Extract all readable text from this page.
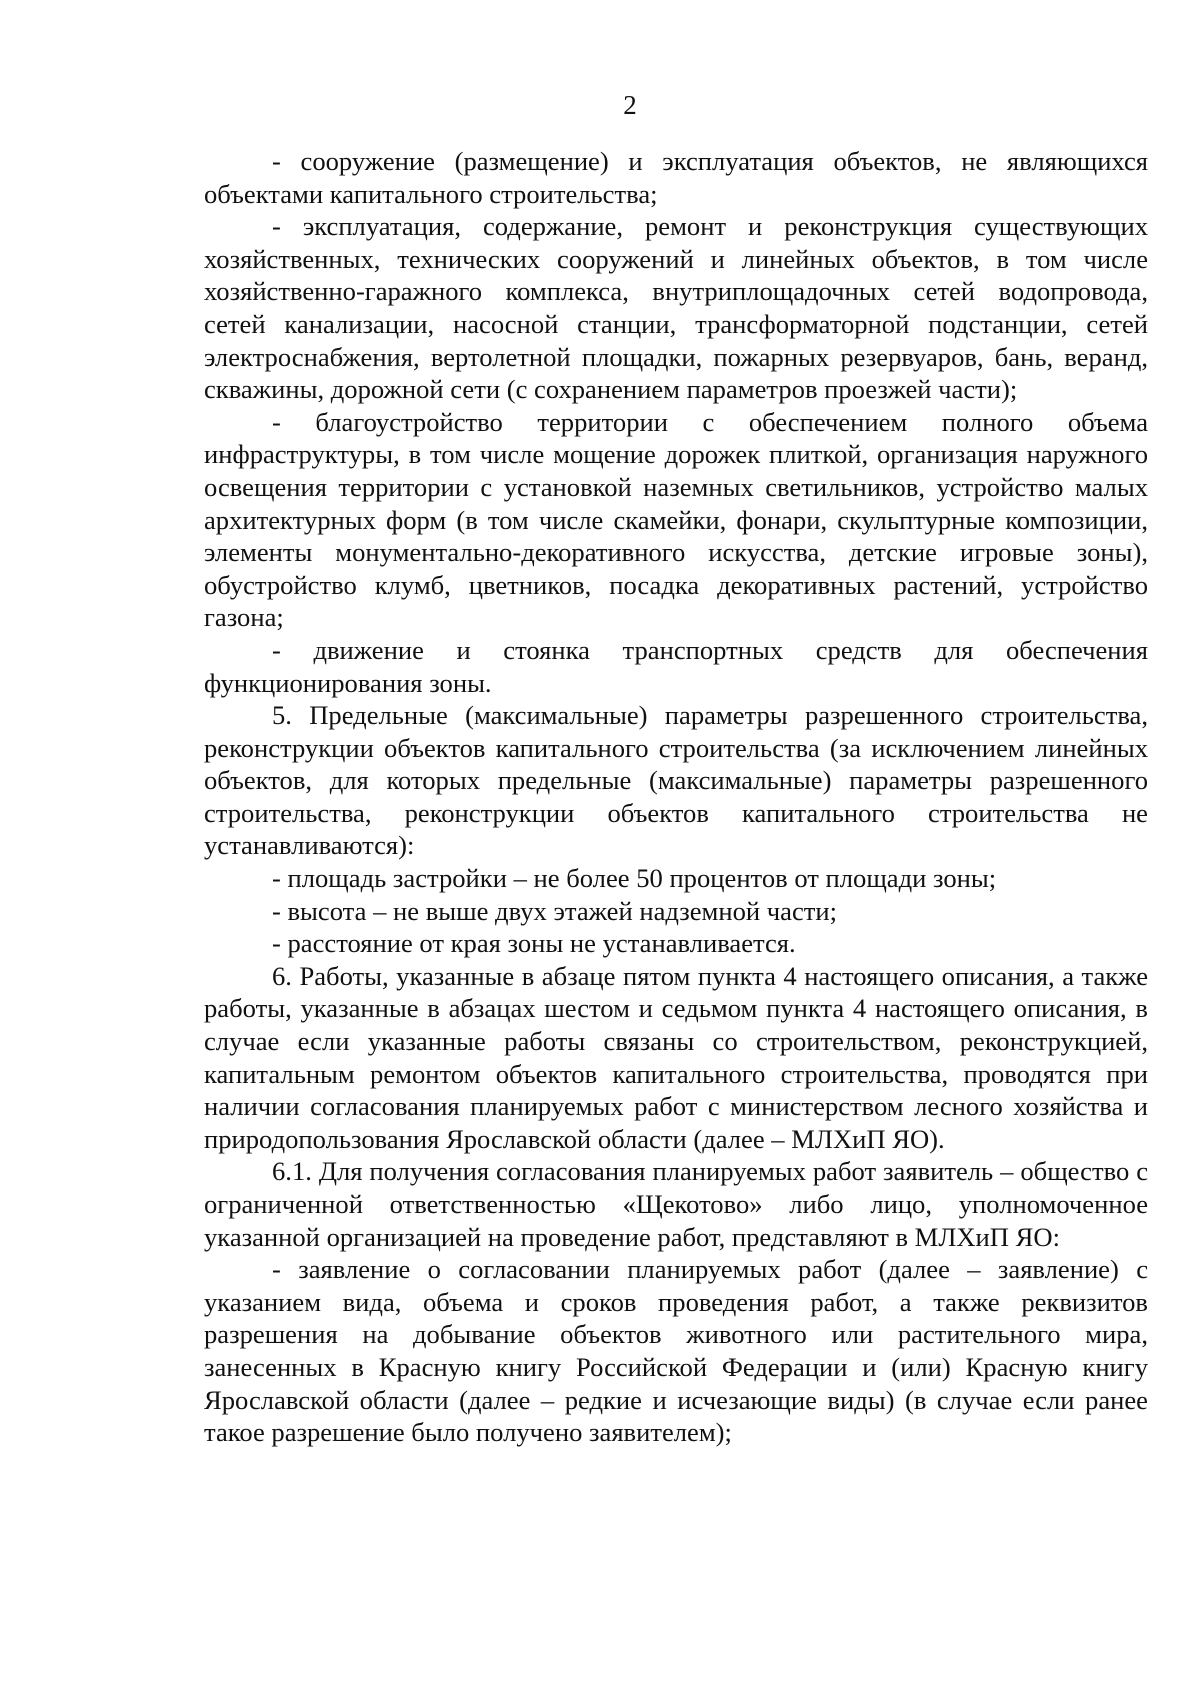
2

- сооружение (размещение) и эксплуатация объектов, не являющихся объектами капитального строительства;

- эксплуатация, содержание, ремонт и реконструкция существующих хозяйственных, технических сооружений и линейных объектов, в том числе хозяйственно-гаражного комплекса, внутриплощадочных сетей водопровода, сетей канализации, насосной станции, трансформаторной подстанции, сетей электроснабжения, вертолетной площадки, пожарных резервуаров, бань, веранд, скважины, дорожной сети (с сохранением параметров проезжей части);

- благоустройство территории с обеспечением полного объема инфраструктуры, в том числе мощение дорожек плиткой, организация наружного освещения территории с установкой наземных светильников, устройство малых архитектурных форм (в том числе скамейки, фонари, скульптурные композиции, элементы монументально-декоративного искусства, детские игровые зоны), обустройство клумб, цветников, посадка декоративных растений, устройство газона;

- движение и стоянка транспортных средств для обеспечения функционирования зоны.

5. Предельные (максимальные) параметры разрешенного строительства, реконструкции объектов капитального строительства (за исключением линейных объектов, для которых предельные (максимальные) параметры разрешенного строительства, реконструкции объектов капитального строительства не устанавливаются):

- площадь застройки – не более 50 процентов от площади зоны;

- высота – не выше двух этажей надземной части;

- расстояние от края зоны не устанавливается.

6. Работы, указанные в абзаце пятом пункта 4 настоящего описания, а также работы, указанные в абзацах шестом и седьмом пункта 4 настоящего описания, в случае если указанные работы связаны со строительством, реконструкцией, капитальным ремонтом объектов капитального строительства, проводятся при наличии согласования планируемых работ с министерством лесного хозяйства и природопользования Ярославской области (далее – МЛХиП ЯО).

6.1. Для получения согласования планируемых работ заявитель – общество с ограниченной ответственностью «Щекотово» либо лицо, уполномоченное указанной организацией на проведение работ, представляют в МЛХиП ЯО:

- заявление о согласовании планируемых работ (далее – заявление) с указанием вида, объема и сроков проведения работ, а также реквизитов разрешения на добывание объектов животного или растительного мира, занесенных в Красную книгу Российской Федерации и (или) Красную книгу Ярославской области (далее – редкие и исчезающие виды) (в случае если ранее такое разрешение было получено заявителем);
